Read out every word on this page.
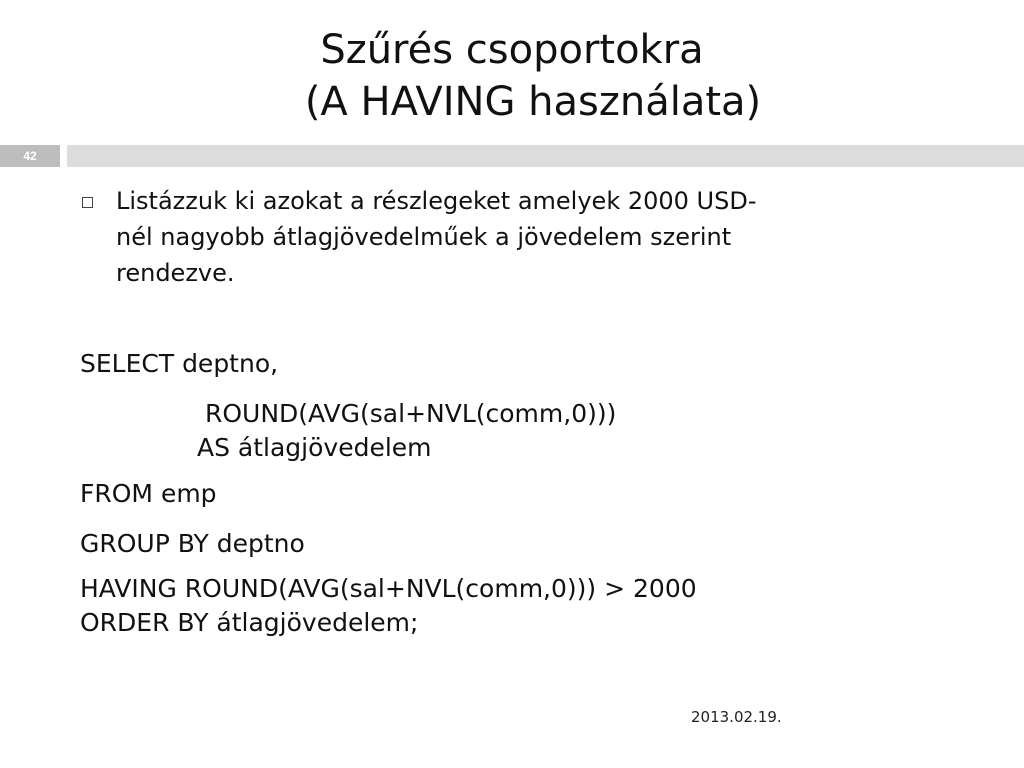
Szűrés csoportokra
(A HAVING használata)
42
Listázzuk ki azokat a részlegeket amelyek 2000 USD-
nél nagyobb átlagjövedelműek a jövedelem szerint
rendezve.
SELECT deptno,
ROUND(AVG(sal+NVL(comm,0)))
AS átlagjövedelem
FROM emp
GROUP BY deptno
HAVING ROUND(AVG(sal+NVL(comm,0))) > 2000
ORDER BY átlagjövedelem;
2013.02.19.
